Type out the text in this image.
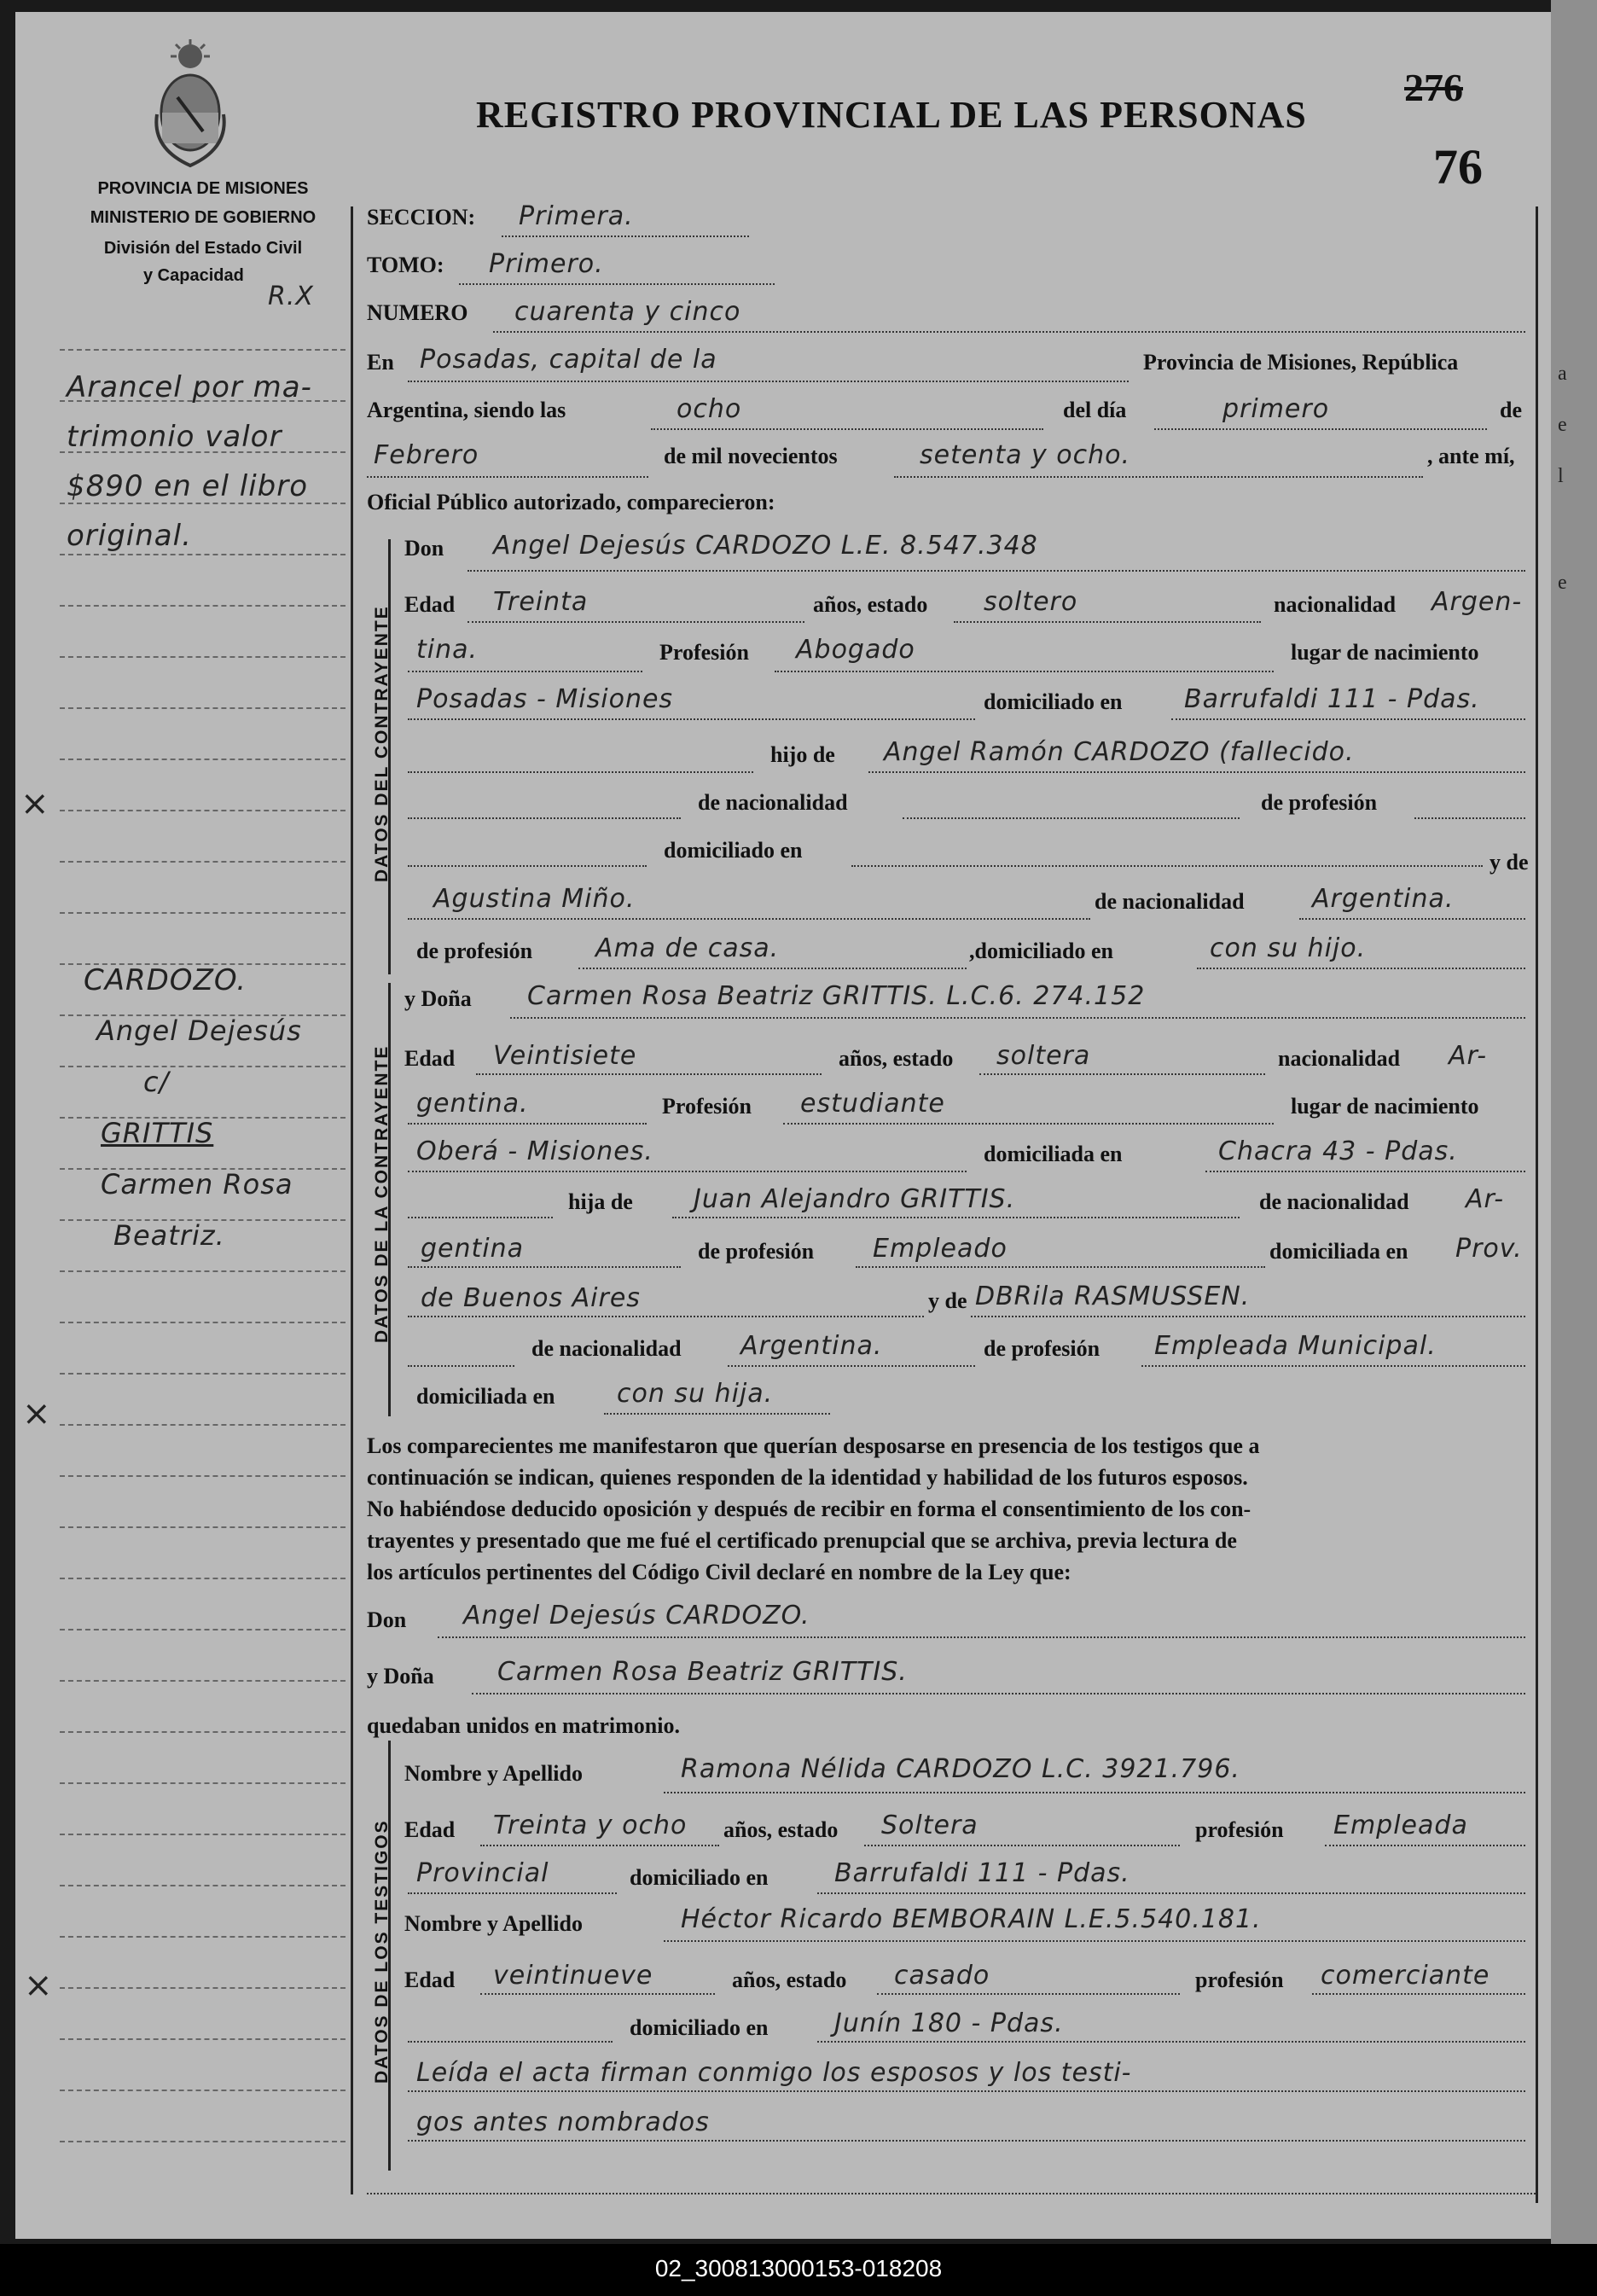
PROVINCIA DE MISIONES
MINISTERIO DE GOBIERNO
División del Estado Civil
y Capacidad
R.X
REGISTRO PROVINCIAL DE LAS PERSONAS
276
76
DATOS DEL CONTRAYENTE
DATOS DE LA CONTRAYENTE
DATOS DE LOS TESTIGOS
×
×
×
Arancel por ma-
trimonio valor
$890 en el libro
original.
CARDOZO.
Angel Dejesús
c/
GRITTIS
Carmen Rosa
Beatriz.
SECCION: Primera.
TOMO: Primero.
NUMERO cuarenta y cinco
En Posadas, capital de la	Provincia de Misiones, República
Argentina, siendo las	ocho	del día	primero	de
Febrero	de mil novecientos	setenta y ocho.	, ante mí,
Oficial Público autorizado, comparecieron:
Don Angel Dejesús CARDOZO L.E. 8.547.348
Edad Treinta	años, estado soltero	nacionalidad Argen-
tina.	Profesión Abogado	lugar de nacimiento
Posadas - Misiones	domiciliado en Barrufaldi 111 - Pdas.
hijo de Angel Ramón CARDOZO (fallecido.
de nacionalidad	de profesión
domiciliado en	y de
Agustina Miño.	de nacionalidad	Argentina.
de profesión Ama de casa.	,domiciliado en	con su hijo.
y Doña Carmen Rosa Beatriz GRITTIS. L.C.6. 274.152
Edad Veintisiete	años, estado soltera	nacionalidad Ar-
gentina.	Profesión estudiante	lugar de nacimiento
Oberá - Misiones.	domiciliada en	Chacra 43 - Pdas.
hija de Juan Alejandro GRITTIS.	de nacionalidad Ar-
gentina	de profesión Empleado	domiciliada en Prov.
de Buenos Aires	y de DBRila RASMUSSEN.
de nacionalidad Argentina.	de profesión Empleada Municipal.
domiciliada en con su hija.
Los comparecientes me manifestaron que querían desposarse en presencia de los testigos que a
continuación se indican, quienes responden de la identidad y habilidad de los futuros esposos.
No habiéndose deducido oposición y después de recibir en forma el consentimiento de los con-
trayentes y presentado que me fué el certificado prenupcial que se archiva, previa lectura de
los artículos pertinentes del Código Civil declaré en nombre de la Ley que:
Don Angel Dejesús CARDOZO.
y Doña Carmen Rosa Beatriz GRITTIS.
quedaban unidos en matrimonio.
Nombre y Apellido	Ramona Nélida CARDOZO L.C. 3921.796.
Edad Treinta y ocho años, estado Soltera	profesión Empleada
Provincial	domiciliado en	Barrufaldi 111 - Pdas.
Nombre y Apellido	Héctor Ricardo BEMBORAIN L.E.5.540.181.
Edad veintinueve	años, estado casado	profesión comerciante
domiciliado en	Junín 180 - Pdas.
Leída el acta firman conmigo los esposos y los testi-
gos antes nombrados
a
e
l
e
02_300813000153-018208
